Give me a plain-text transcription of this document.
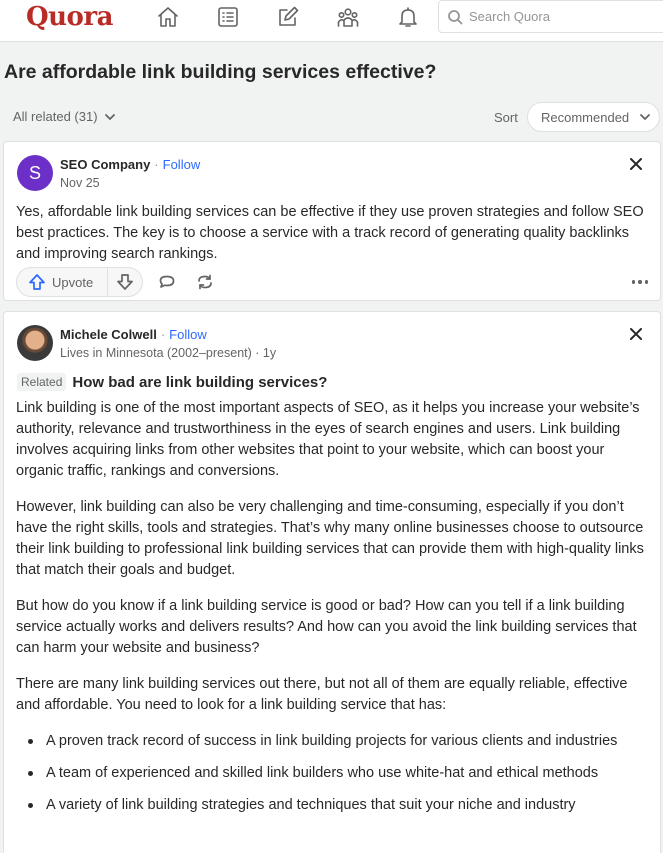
Quora
Search Quora
Are affordable link building services effective?
All related (31)	Sort Recommended
S	SEO Company · Follow
Nov 25
Yes, affordable link building services can be effective if they use proven strategies and follow SEO best practices. The key is to choose a service with a track record of generating quality backlinks and improving search rankings.
Upvote
Michele Colwell · Follow
Lives in Minnesota (2002–present) · 1y
Related How bad are link building services?

Link building is one of the most important aspects of SEO, as it helps you increase your website’s authority, relevance and trustworthiness in the eyes of search engines and users. Link building involves acquiring links from other websites that point to your website, which can boost your organic traffic, rankings and conversions.

However, link building can also be very challenging and time-consuming, especially if you don’t have the right skills, tools and strategies. That’s why many online businesses choose to outsource their link building to professional link building services that can provide them with high-quality links that match their goals and budget.

But how do you know if a link building service is good or bad? How can you tell if a link building service actually works and delivers results? And how can you avoid the link building services that can harm your website and business?

There are many link building services out there, but not all of them are equally reliable, effective and affordable. You need to look for a link building service that has:

A proven track record of success in link building projects for various clients and industries
A team of experienced and skilled link builders who use white-hat and ethical methods
A variety of link building strategies and techniques that suit your niche and industry
